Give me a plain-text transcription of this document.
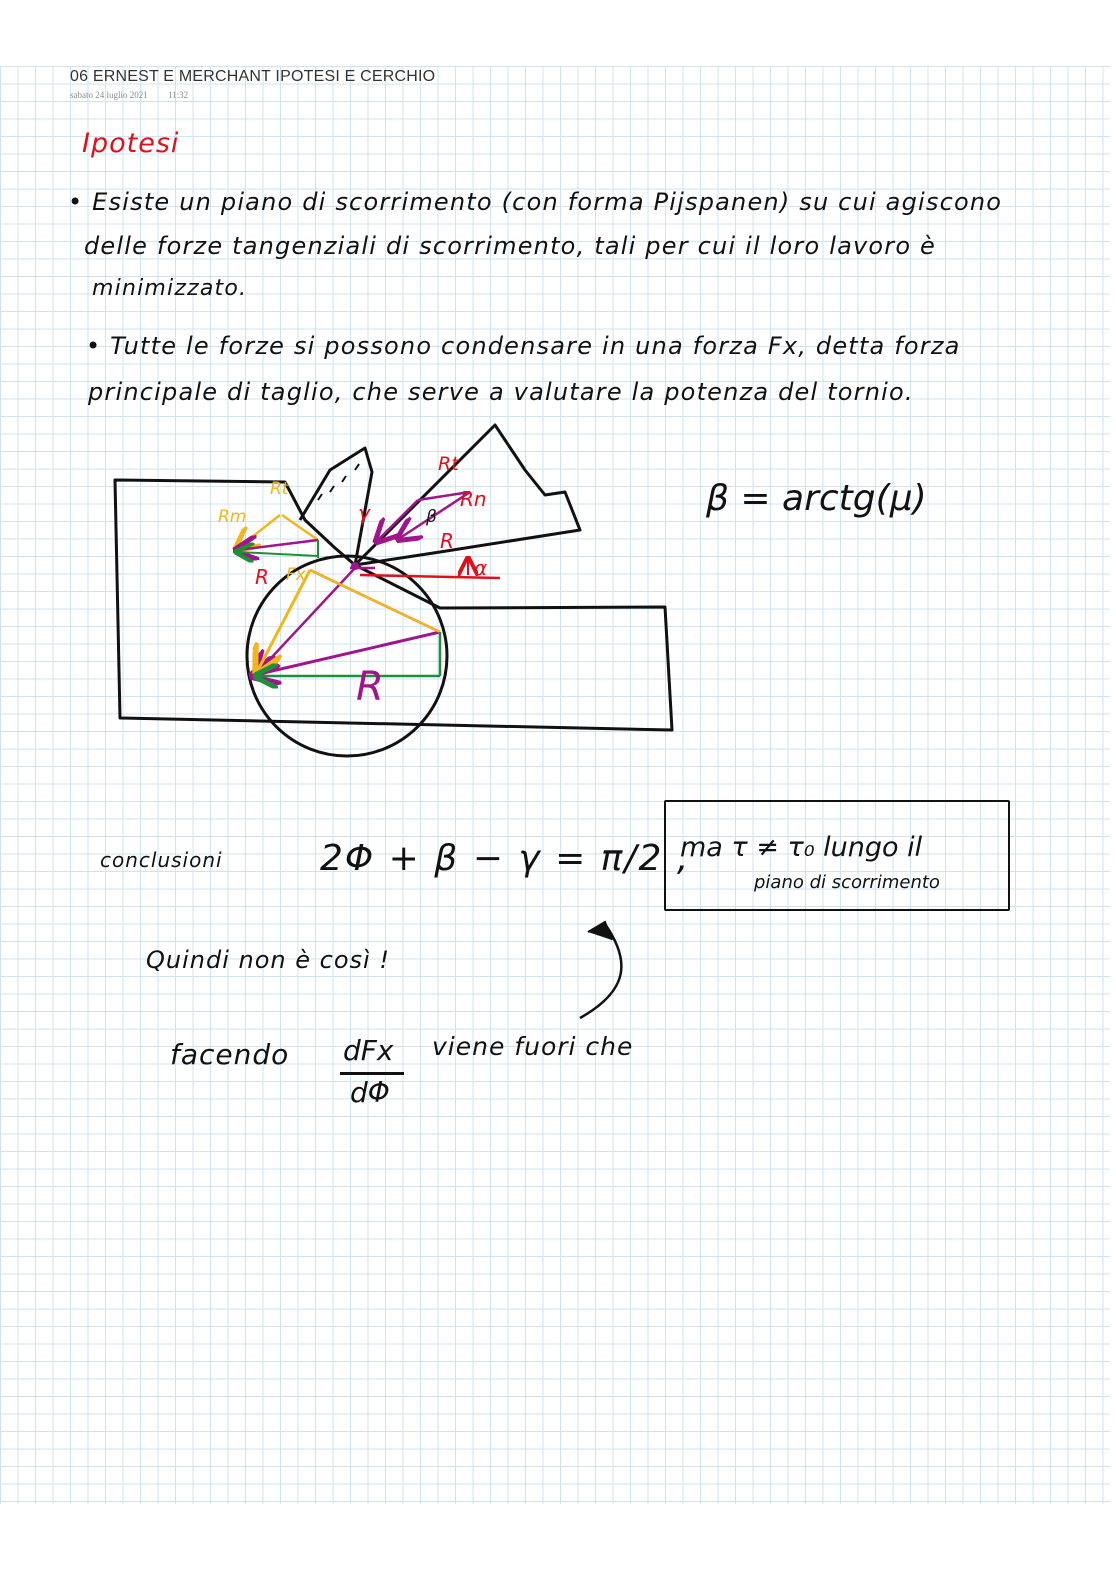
06 ERNEST E MERCHANT IPOTESI E CERCHIO
sabato 24 luglio 2021 11:32
Ipotesi
• Esiste un piano di scorrimento (con forma Pijspanen) su cui agiscono
delle forze tangenziali di scorrimento, tali per cui il loro lavoro è
minimizzato.
• Tutte le forze si possono condensare in una forza Fx, detta forza
principale di taglio, che serve a valutare la potenza del tornio.
β = arctg(μ)
Rt
Rn
R
β
γ
α
Rt
Rm
R Fx
R
conclusioni	2Φ + β − γ = π/2 ,
ma τ ≠ τ₀ lungo il
piano di scorrimento
Quindi non è così !
facendo dFx
dΦ
viene fuori che
